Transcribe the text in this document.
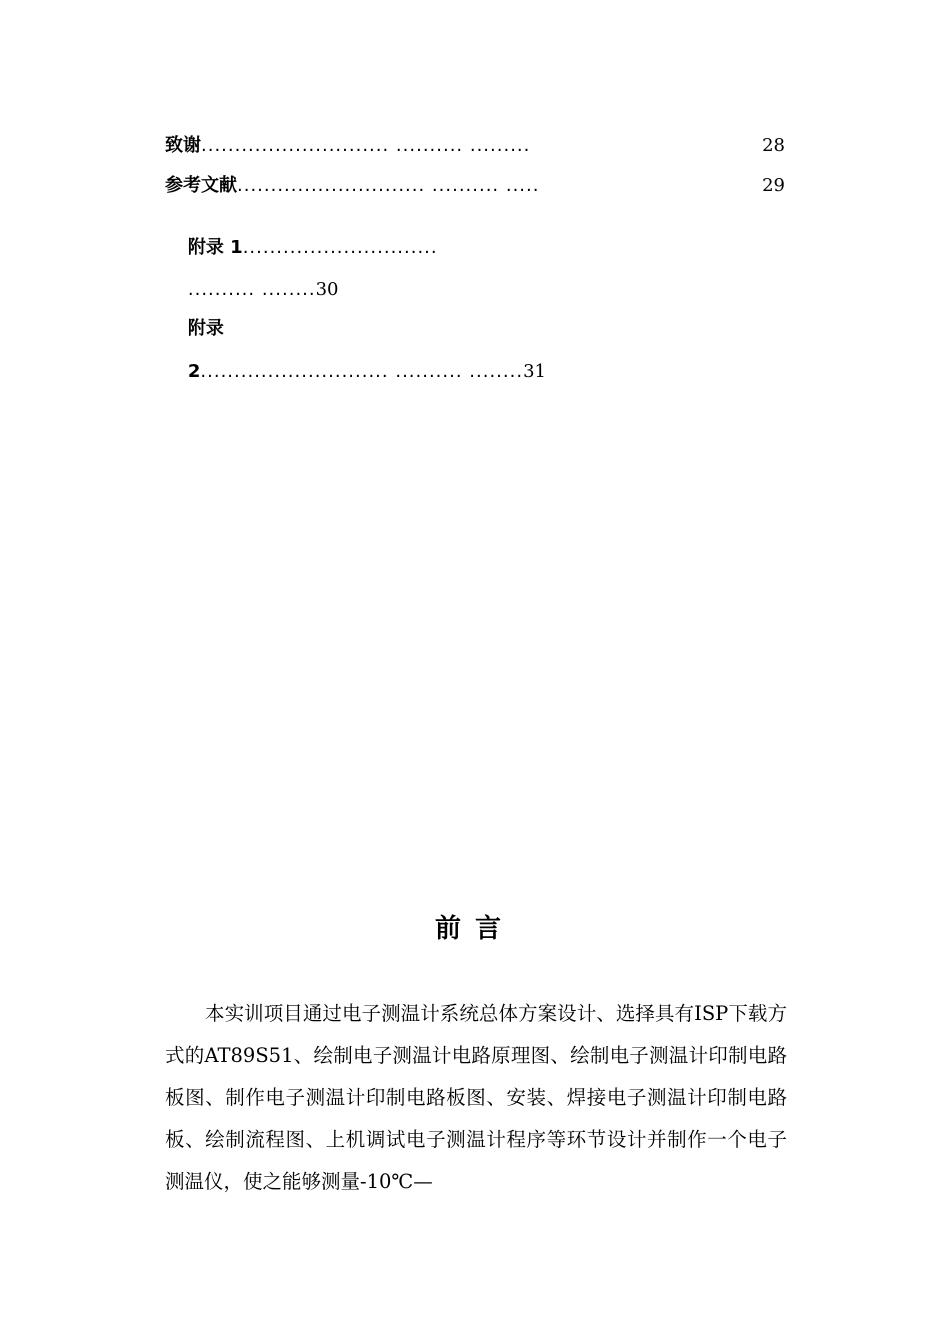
致谢 ............................ .......... .........	28
参考文献 ............................ .......... .....	29

附录 1.............................

.......... ........30

附录

2............................ .......... ........31

前言

本实训项目通过电子测温计系统总体方案设计、选择具有ISP下载方式的AT89S51、绘制电子测温计电路原理图、绘制电子测温计印制电路板图、制作电子测温计印制电路板图、安装、焊接电子测温计印制电路板、绘制流程图、上机调试电子测温计程序等环节设计并制作一个电子测温仪，使之能够测量-10℃—
